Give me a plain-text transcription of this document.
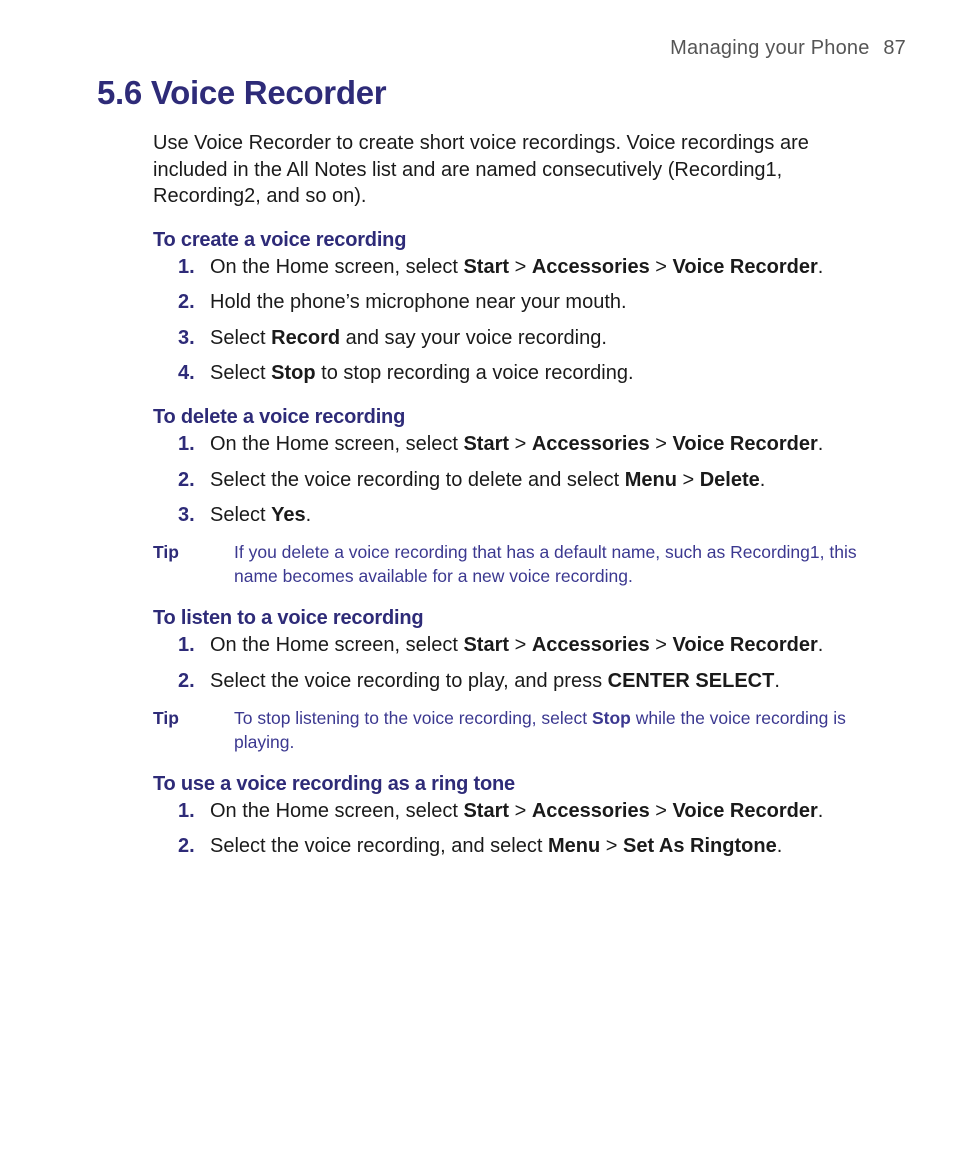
Managing your Phone 87
5.6 Voice Recorder

Use Voice Recorder to create short voice recordings. Voice recordings are included in the All Notes list and are named consecutively (Recording1, Recording2, and so on).

To create a voice recording
1. On the Home screen, select Start > Accessories > Voice Recorder.
2. Hold the phone’s microphone near your mouth.
3. Select Record and say your voice recording.
4. Select Stop to stop recording a voice recording.
To delete a voice recording
1. On the Home screen, select Start > Accessories > Voice Recorder.
2. Select the voice recording to delete and select Menu > Delete.
3. Select Yes.
Tip	If you delete a voice recording that has a default name, such as Recording1, this name becomes available for a new voice recording.
To listen to a voice recording
1. On the Home screen, select Start > Accessories > Voice Recorder.
2. Select the voice recording to play, and press CENTER SELECT.
Tip	To stop listening to the voice recording, select Stop while the voice recording is playing.
To use a voice recording as a ring tone
1. On the Home screen, select Start > Accessories > Voice Recorder.
2. Select the voice recording, and select Menu > Set As Ringtone.
